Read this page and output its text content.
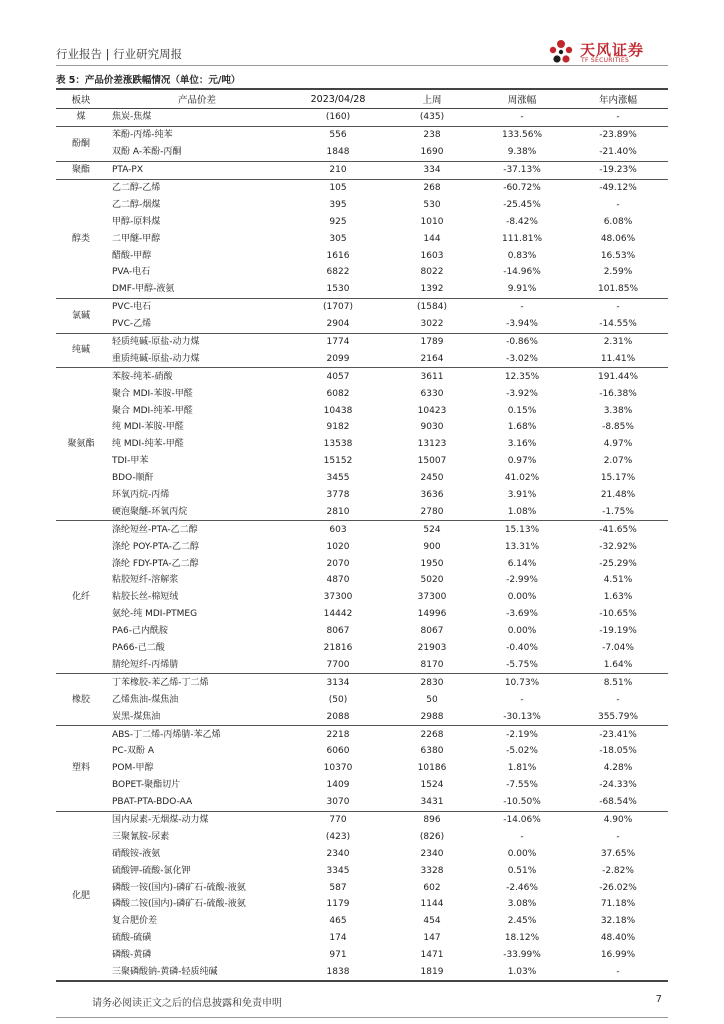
行业报告 | 行业研究周报	天风证券
TF SECURITIES
表 5：产品价差涨跌幅情况（单位：元/吨）
板块	产品价差	2023/04/28	上周	周涨幅	年内涨幅
煤	焦炭-焦煤	(160)	(435)	-	-
酚酮	苯酚-丙烯-纯苯	556	238	133.56%	-23.89%
	双酚 A-苯酚-丙酮	1848	1690	9.38%	-21.40%
聚酯	PTA-PX	210	334	-37.13%	-19.23%
醇类	乙二醇-乙烯	105	268	-60.72%	-49.12%
	乙二醇-烟煤	395	530	-25.45%	-
	甲醇-原料煤	925	1010	-8.42%	6.08%
	二甲醚-甲醇	305	144	111.81%	48.06%
	醋酸-甲醇	1616	1603	0.83%	16.53%
	PVA-电石	6822	8022	-14.96%	2.59%
	DMF-甲醇-液氨	1530	1392	9.91%	101.85%
氯碱	PVC-电石	(1707)	(1584)	-	-
	PVC-乙烯	2904	3022	-3.94%	-14.55%
纯碱	轻质纯碱-原盐-动力煤	1774	1789	-0.86%	2.31%
	重质纯碱-原盐-动力煤	2099	2164	-3.02%	11.41%
聚氨酯	苯胺-纯苯-硝酸	4057	3611	12.35%	191.44%
	聚合 MDI-苯胺-甲醛	6082	6330	-3.92%	-16.38%
	聚合 MDI-纯苯-甲醛	10438	10423	0.15%	3.38%
	纯 MDI-苯胺-甲醛	9182	9030	1.68%	-8.85%
	纯 MDI-纯苯-甲醛	13538	13123	3.16%	4.97%
	TDI-甲苯	15152	15007	0.97%	2.07%
	BDO-顺酐	3455	2450	41.02%	15.17%
	环氧丙烷-丙烯	3778	3636	3.91%	21.48%
	硬泡聚醚-环氧丙烷	2810	2780	1.08%	-1.75%
化纤	涤纶短丝-PTA-乙二醇	603	524	15.13%	-41.65%
	涤纶 POY-PTA-乙二醇	1020	900	13.31%	-32.92%
	涤纶 FDY-PTA-乙二醇	2070	1950	6.14%	-25.29%
	粘胶短纤-溶解浆	4870	5020	-2.99%	4.51%
	粘胶长丝-棉短绒	37300	37300	0.00%	1.63%
	氨纶-纯 MDI-PTMEG	14442	14996	-3.69%	-10.65%
	PA6-己内酰胺	8067	8067	0.00%	-19.19%
	PA66-己二酸	21816	21903	-0.40%	-7.04%
	腈纶短纤-丙烯腈	7700	8170	-5.75%	1.64%
橡胶	丁苯橡胶-苯乙烯-丁二烯	3134	2830	10.73%	8.51%
	乙烯焦油-煤焦油	(50)	50	-	-
	炭黑-煤焦油	2088	2988	-30.13%	355.79%
塑料	ABS-丁二烯-丙烯腈-苯乙烯	2218	2268	-2.19%	-23.41%
	PC-双酚 A	6060	6380	-5.02%	-18.05%
	POM-甲醇	10370	10186	1.81%	4.28%
	BOPET-聚酯切片	1409	1524	-7.55%	-24.33%
	PBAT-PTA-BDO-AA	3070	3431	-10.50%	-68.54%
化肥	国内尿素-无烟煤-动力煤	770	896	-14.06%	4.90%
	三聚氰胺-尿素	(423)	(826)	-	-
	硝酸铵-液氨	2340	2340	0.00%	37.65%
	硫酸钾-硫酸-氯化钾	3345	3328	0.51%	-2.82%
	磷酸一铵(国内)-磷矿石-硫酸-液氨	587	602	-2.46%	-26.02%
	磷酸二铵(国内)-磷矿石-硫酸-液氨	1179	1144	3.08%	71.18%
	复合肥价差	465	454	2.45%	32.18%
	硫酸-硫磺	174	147	18.12%	48.40%
	磷酸-黄磷	971	1471	-33.99%	16.99%
	三聚磷酸钠-黄磷-轻质纯碱	1838	1819	1.03%	-
请务必阅读正文之后的信息披露和免责申明	7
